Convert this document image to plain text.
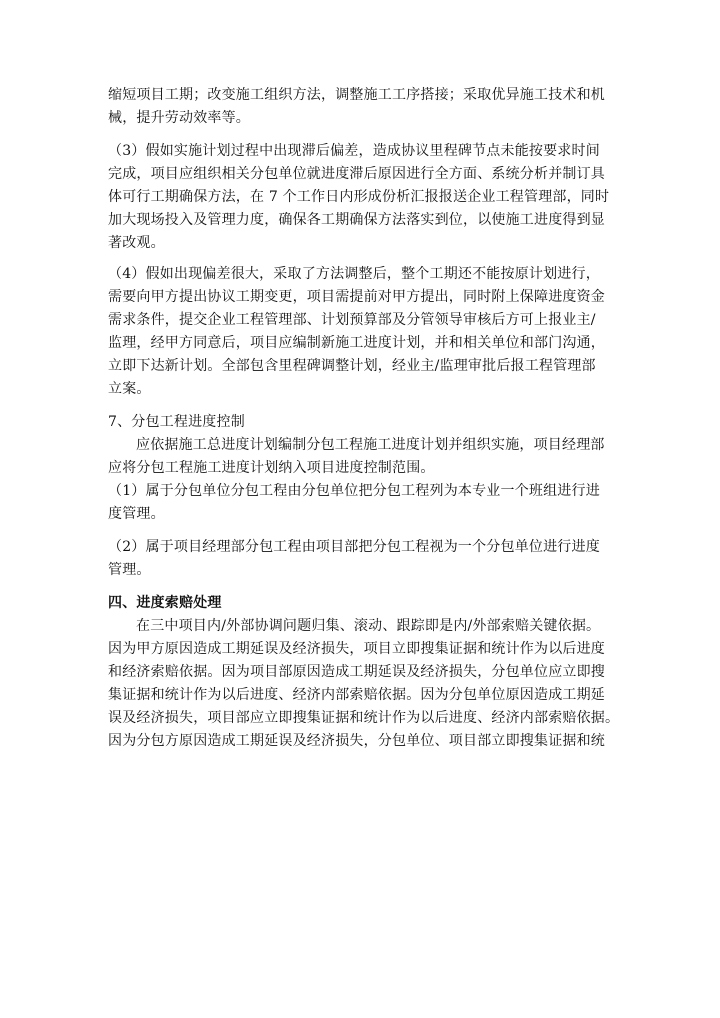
缩短项目工期；改变施工组织方法，调整施工工序搭接；采取优异施工技术和机
械，提升劳动效率等。
（3）假如实施计划过程中出现滞后偏差，造成协议里程碑节点未能按要求时间
完成，项目应组织相关分包单位就进度滞后原因进行全方面、系统分析并制订具
体可行工期确保方法，在 7 个工作日内形成份析汇报报送企业工程管理部，同时
加大现场投入及管理力度，确保各工期确保方法落实到位，以使施工进度得到显
著改观。
（4）假如出现偏差很大，采取了方法调整后，整个工期还不能按原计划进行，
需要向甲方提出协议工期变更，项目需提前对甲方提出，同时附上保障进度资金
需求条件，提交企业工程管理部、计划预算部及分管领导审核后方可上报业主/
监理，经甲方同意后，项目应编制新施工进度计划，并和相关单位和部门沟通，
立即下达新计划。全部包含里程碑调整计划，经业主/监理审批后报工程管理部
立案。
7、分包工程进度控制
应依据施工总进度计划编制分包工程施工进度计划并组织实施，项目经理部
应将分包工程施工进度计划纳入项目进度控制范围。
（1）属于分包单位分包工程由分包单位把分包工程列为本专业一个班组进行进
度管理。
（2）属于项目经理部分包工程由项目部把分包工程视为一个分包单位进行进度
管理。
四、进度索赔处理
在三中项目内/外部协调问题归集、滚动、跟踪即是内/外部索赔关键依据。
因为甲方原因造成工期延误及经济损失，项目立即搜集证据和统计作为以后进度
和经济索赔依据。因为项目部原因造成工期延误及经济损失，分包单位应立即搜
集证据和统计作为以后进度、经济内部索赔依据。因为分包单位原因造成工期延
误及经济损失，项目部应立即搜集证据和统计作为以后进度、经济内部索赔依据。
因为分包方原因造成工期延误及经济损失，分包单位、项目部立即搜集证据和统
